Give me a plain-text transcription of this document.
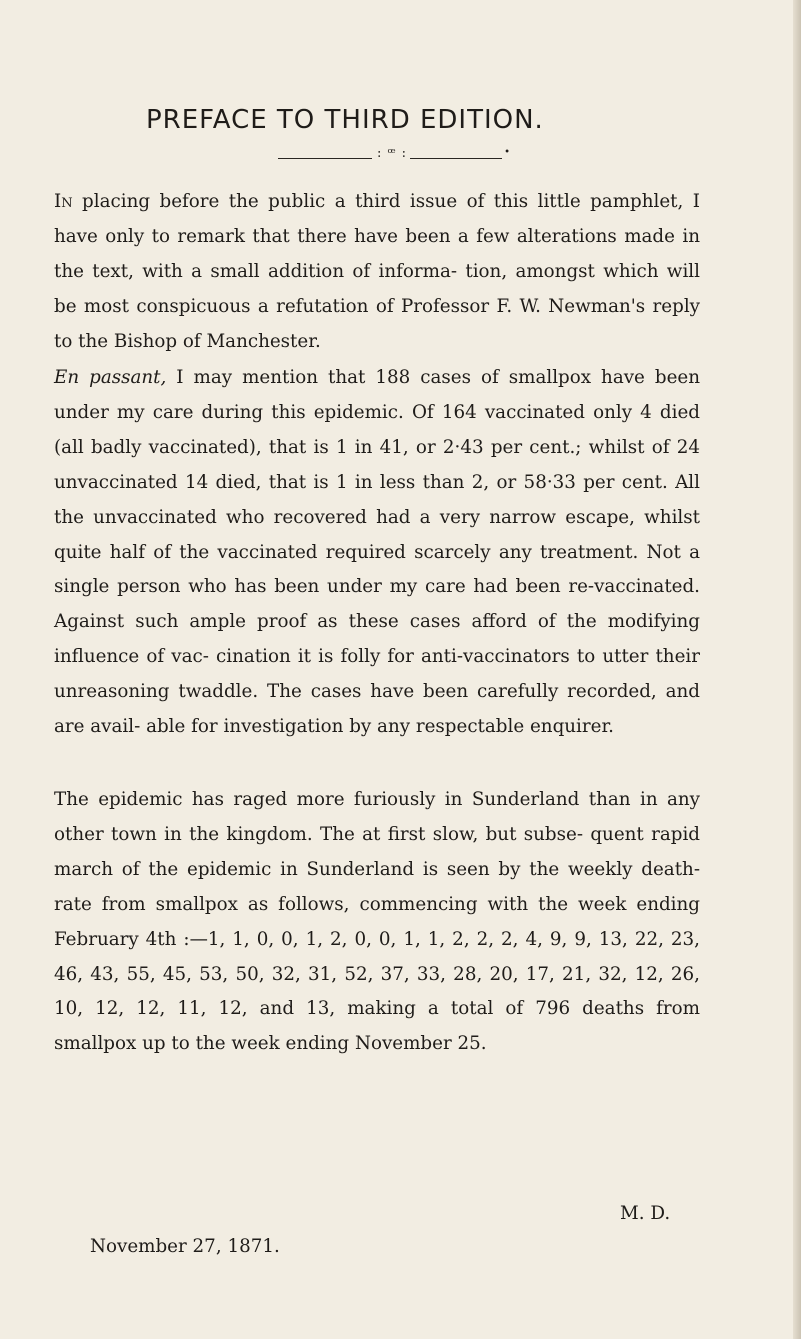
PREFACE TO THIRD EDITION.
: ꟹ :	•

In placing before the public a third issue of this little pamphlet, I have only to remark that there have been a few alterations made in the text, with a small addition of informa‐ tion, amongst which will be most conspicuous a refutation of Professor F. W. Newman's reply to the Bishop of Manchester.

En passant, I may mention that 188 cases of smallpox have been under my care during this epidemic. Of 164 vaccinated only 4 died (all badly vaccinated), that is 1 in 41, or 2·43 per cent.; whilst of 24 unvaccinated 14 died, that is 1 in less than 2, or 58·33 per cent. All the unvaccinated who recovered had a very narrow escape, whilst quite half of the vaccinated required scarcely any treatment. Not a single person who has been under my care had been re-vaccinated. Against such ample proof as these cases afford of the modifying influence of vac- cination it is folly for anti-vaccinators to utter their unreasoning twaddle. The cases have been carefully recorded, and are avail- able for investigation by any respectable enquirer.

The epidemic has raged more furiously in Sunderland than in any other town in the kingdom. The at first slow, but subse- quent rapid march of the epidemic in Sunderland is seen by the weekly death-rate from smallpox as follows, commencing with the week ending February 4th :—1, 1, 0, 0, 1, 2, 0, 0, 1, 1, 2, 2, 2, 4, 9, 9, 13, 22, 23, 46, 43, 55, 45, 53, 50, 32, 31, 52, 37, 33, 28, 20, 17, 21, 32, 12, 26, 10, 12, 12, 11, 12, and 13, making a total of 796 deaths from smallpox up to the week ending November 25.

M. D.

November 27, 1871.
